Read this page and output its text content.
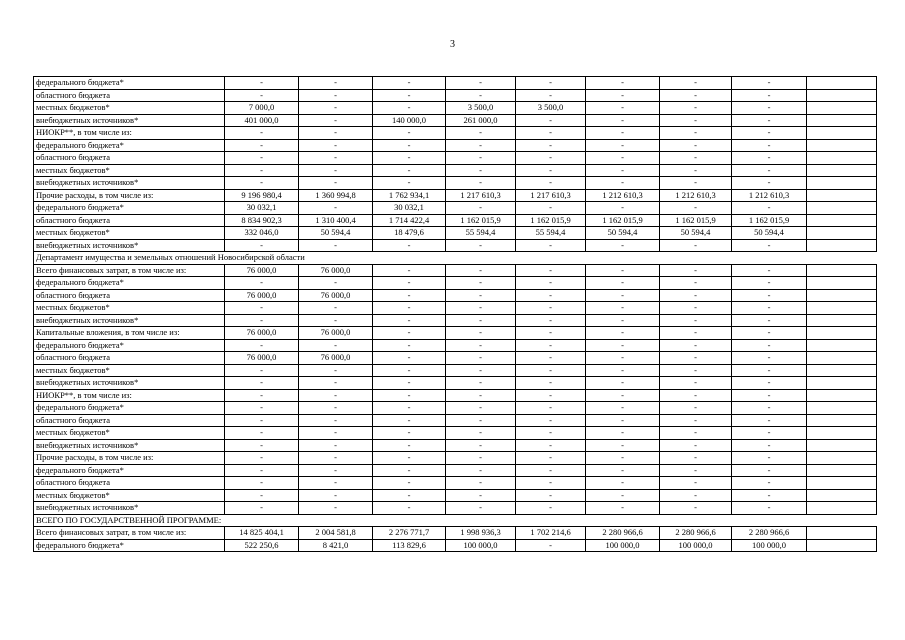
3
федерального бюджета*	-	-	-	-	-	-	-	-	
областного бюджета	-	-	-	-	-	-	-	-	
местных бюджетов*	7 000,0	-	-	3 500,0	3 500,0	-	-	-	
внебюджетных источников*	401 000,0	-	140 000,0	261 000,0	-	-	-	-	
НИОКР**, в том числе из:	-	-	-	-	-	-	-	-	
федерального бюджета*	-	-	-	-	-	-	-	-	
областного бюджета	-	-	-	-	-	-	-	-	
местных бюджетов*	-	-	-	-	-	-	-	-	
внебюджетных источников*	-	-	-	-	-	-	-	-	
Прочие расходы, в том числе из:	9 196 980,4	1 360 994,8	1 762 934,1	1 217 610,3	1 217 610,3	1 212 610,3	1 212 610,3	1 212 610,3	
федерального бюджета*	30 032,1	-	30 032,1	-	-	-	-	-	
областного бюджета	8 834 902,3	1 310 400,4	1 714 422,4	1 162 015,9	1 162 015,9	1 162 015,9	1 162 015,9	1 162 015,9	
местных бюджетов*	332 046,0	50 594,4	18 479,6	55 594,4	55 594,4	50 594,4	50 594,4	50 594,4	
внебюджетных источников*	-	-	-	-	-	-	-	-	
Департамент имущества и земельных отношений Новосибирской области									
Всего финансовых затрат, в том числе из:	76 000,0	76 000,0	-	-	-	-	-	-	
федерального бюджета*	-	-	-	-	-	-	-	-	
областного бюджета	76 000,0	76 000,0	-	-	-	-	-	-	
местных бюджетов*	-	-	-	-	-	-	-	-	
внебюджетных источников*	-	-	-	-	-	-	-	-	
Капитальные вложения, в том числе из:	76 000,0	76 000,0	-	-	-	-	-	-	
федерального бюджета*	-	-	-	-	-	-	-	-	
областного бюджета	76 000,0	76 000,0	-	-	-	-	-	-	
местных бюджетов*	-	-	-	-	-	-	-	-	
внебюджетных источников*	-	-	-	-	-	-	-	-	
НИОКР**, в том числе из:	-	-	-	-	-	-	-	-	
федерального бюджета*	-	-	-	-	-	-	-	-	
областного бюджета	-	-	-	-	-	-	-	-	
местных бюджетов*	-	-	-	-	-	-	-	-	
внебюджетных источников*	-	-	-	-	-	-	-	-	
Прочие расходы, в том числе из:	-	-	-	-	-	-	-	-	
федерального бюджета*	-	-	-	-	-	-	-	-	
областного бюджета	-	-	-	-	-	-	-	-	
местных бюджетов*	-	-	-	-	-	-	-	-	
внебюджетных источников*	-	-	-	-	-	-	-	-	
ВСЕГО ПО ГОСУДАРСТВЕННОЙ ПРОГРАММЕ:									
Всего финансовых затрат, в том числе из:	14 825 404,1	2 004 581,8	2 276 771,7	1 998 936,3	1 702 214,6	2 280 966,6	2 280 966,6	2 280 966,6	
федерального бюджета*	522 250,6	8 421,0	113 829,6	100 000,0	-	100 000,0	100 000,0	100 000,0	
